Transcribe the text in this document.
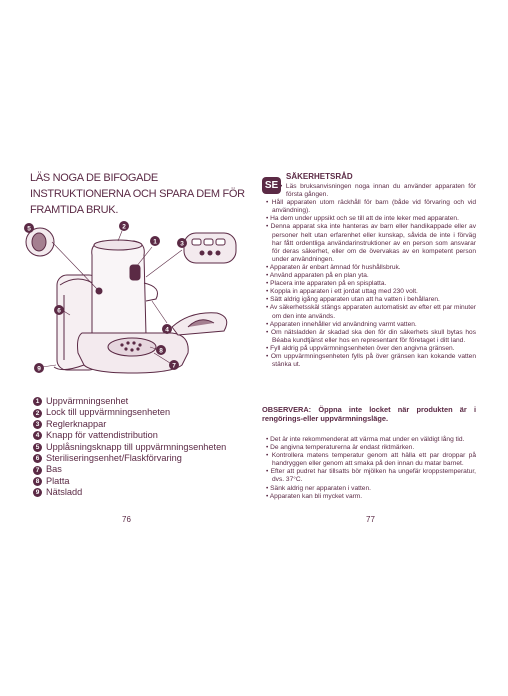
LÄS NOGA DE BIFOGADE INSTRUKTIONERNA OCH SPARA DEM FÖR FRAMTIDA BRUK.
1
2
3
4
5
6
7
8
9
1 Uppvärmningsenhet
2 Lock till uppvärmningsenheten
3 Reglerknappar
4 Knapp för vattendistribution
5 Upplåsningsknapp till uppvärmningsenheten
6 Steriliseringsenhet/Flaskförvaring
7 Bas
8 Platta
9 Nätsladd
76
SE
SÄKERHETSRÅD
• Läs bruksanvisningen noga innan du använder apparaten för första gången.
• Håll apparaten utom räckhåll för barn (både vid förvaring och vid användning).
• Ha dem under uppsikt och se till att de inte leker med apparaten.
• Denna apparat ska inte hanteras av barn eller handikappade eller av personer helt utan erfarenhet eller kunskap, såvida de inte i förväg har fått ordentliga användarinstruktioner av en person som ansvarar för deras säkerhet, eller om de övervakas av en kompetent person under användningen.
• Apparaten är enbart ämnad för hushållsbruk.
• Använd apparaten på en plan yta.
• Placera inte apparaten på en spisplatta.
• Koppla in apparaten i ett jordat uttag med 230 volt.
• Sätt aldrig igång apparaten utan att ha vatten i behållaren.
• Av säkerhetsskäl stängs apparaten automatiskt av efter ett par minuter om den inte används.
• Apparaten innehåller vid användning varmt vatten.
• Om nätsladden är skadad ska den för din säkerhets skull bytas hos Béaba kundtjänst eller hos en representant för företaget i ditt land.
• Fyll aldrig på uppvärmningsenheten över den angivna gränsen.
• Om uppvärmningsenheten fylls på över gränsen kan kokande vatten stänka ut.
OBSERVERA: Öppna inte locket när produkten är i rengörings-eller uppvärmningsläge.
• Det är inte rekommenderat att värma mat under en väldigt lång tid.
• De angivna temperaturerna är endast riktmärken.
• Kontrollera matens temperatur genom att hälla ett par droppar på handryggen eller genom att smaka på den innan du matar barnet.
• Efter att pudret har tillsatts bör mjölken ha ungefär kroppstemperatur, dvs. 37°C.
• Sänk aldrig ner apparaten i vatten.
• Apparaten kan bli mycket varm.
77
